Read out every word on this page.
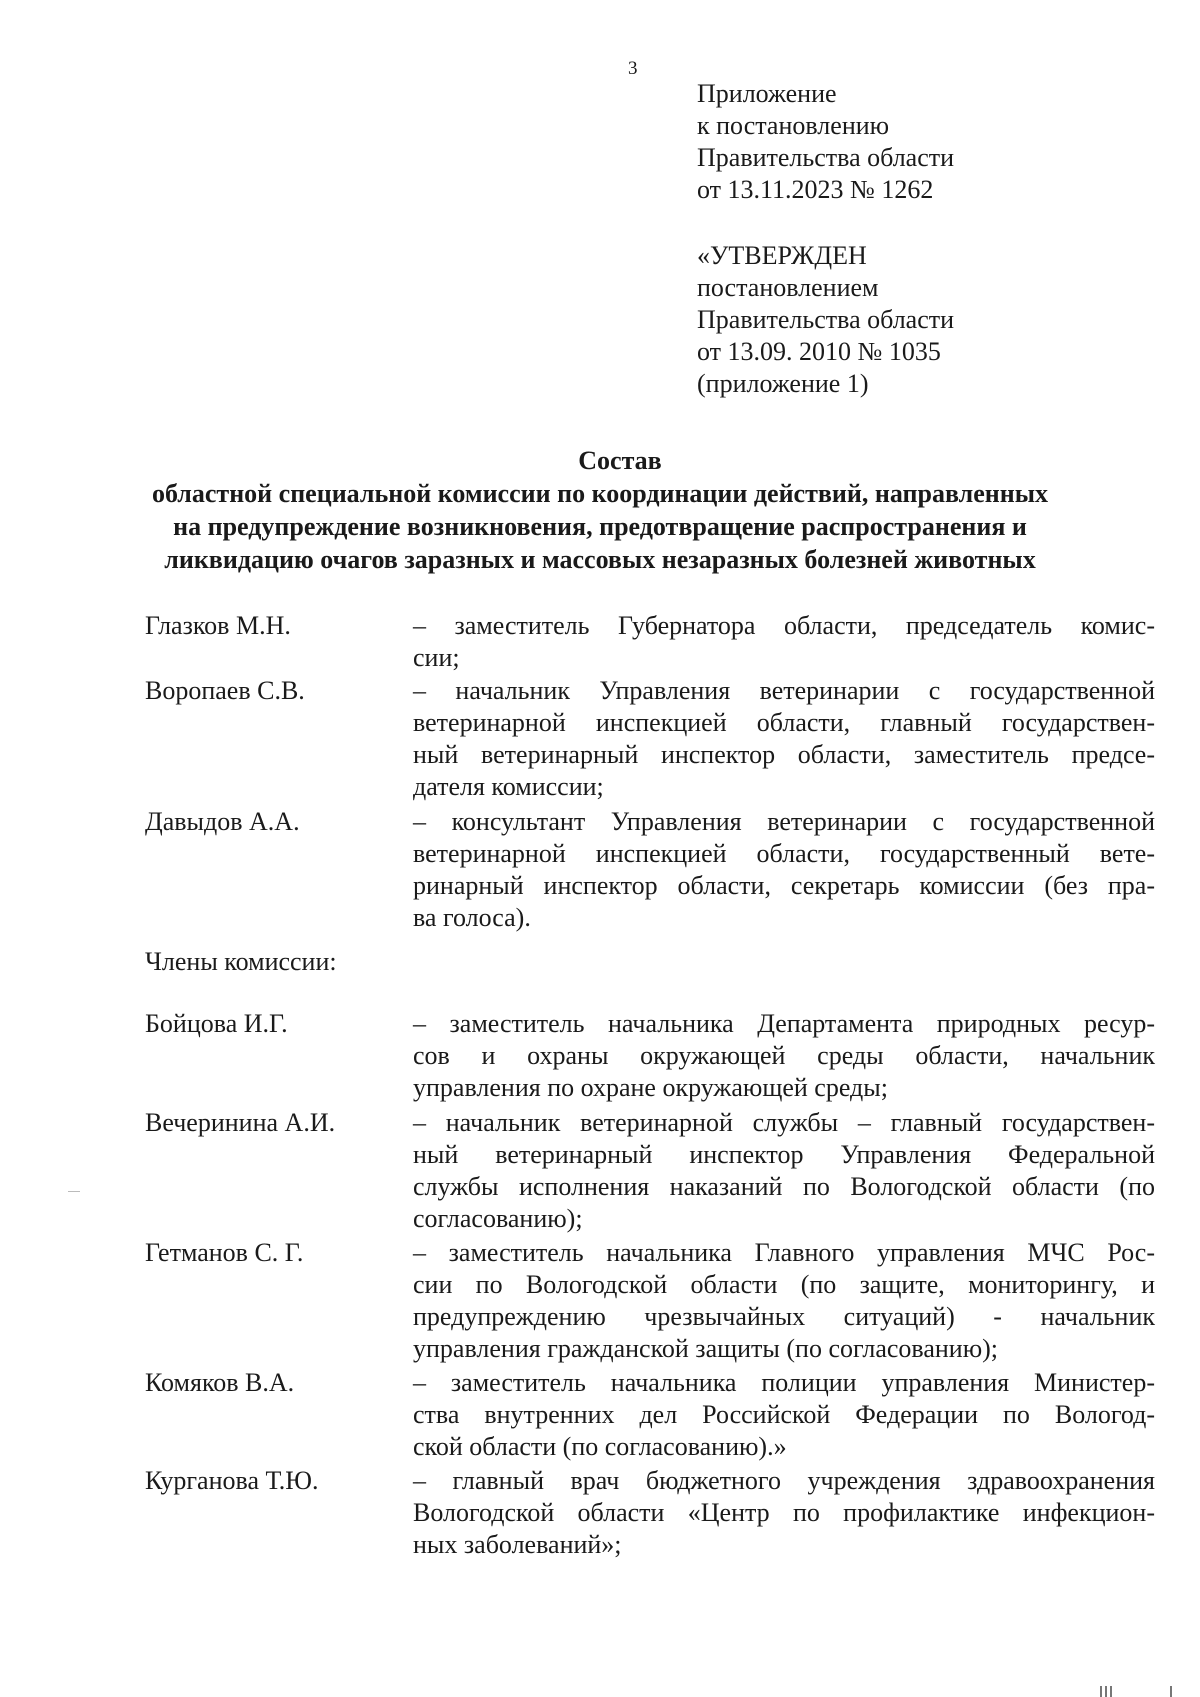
3
Приложение
к постановлению
Правительства области
от 13.11.2023 № 1262
«УТВЕРЖДЕН
постановлением
Правительства области
от 13.09. 2010 № 1035
(приложение 1)
Состав
областной специальной комиссии по координации действий, направленных
на предупреждение возникновения, предотвращение распространения и
ликвидацию очагов заразных и массовых незаразных болезней животных
Глазков М.Н.	– заместитель Губернатора области, председатель комис-
сии;
Воропаев С.В.	– начальник Управления ветеринарии с государственной
ветеринарной инспекцией области, главный государствен-
ный ветеринарный инспектор области, заместитель предсе-
дателя комиссии;
Давыдов А.А.	– консультант Управления ветеринарии с государственной
ветеринарной инспекцией области, государственный вете-
ринарный инспектор области, секретарь комиссии (без пра-
ва голоса).
Члены комиссии:
Бойцова И.Г.	– заместитель начальника Департамента природных ресур-
сов и охраны окружающей среды области, начальник
управления по охране окружающей среды;
Вечеринина А.И.	– начальник ветеринарной службы – главный государствен-
ный ветеринарный инспектор Управления Федеральной
службы исполнения наказаний по Вологодской области (по
согласованию);
Гетманов С. Г.	– заместитель начальника Главного управления МЧС Рос-
сии по Вологодской области (по защите, мониторингу, и
предупреждению чрезвычайных ситуаций) - начальник
управления гражданской защиты (по согласованию);
Комяков В.А.	– заместитель начальника полиции управления Министер-
ства внутренних дел Российской Федерации по Вологод-
ской области (по согласованию).»
Курганова Т.Ю.	– главный врач бюджетного учреждения здравоохранения
Вологодской области «Центр по профилактике инфекцион-
ных заболеваний»;
